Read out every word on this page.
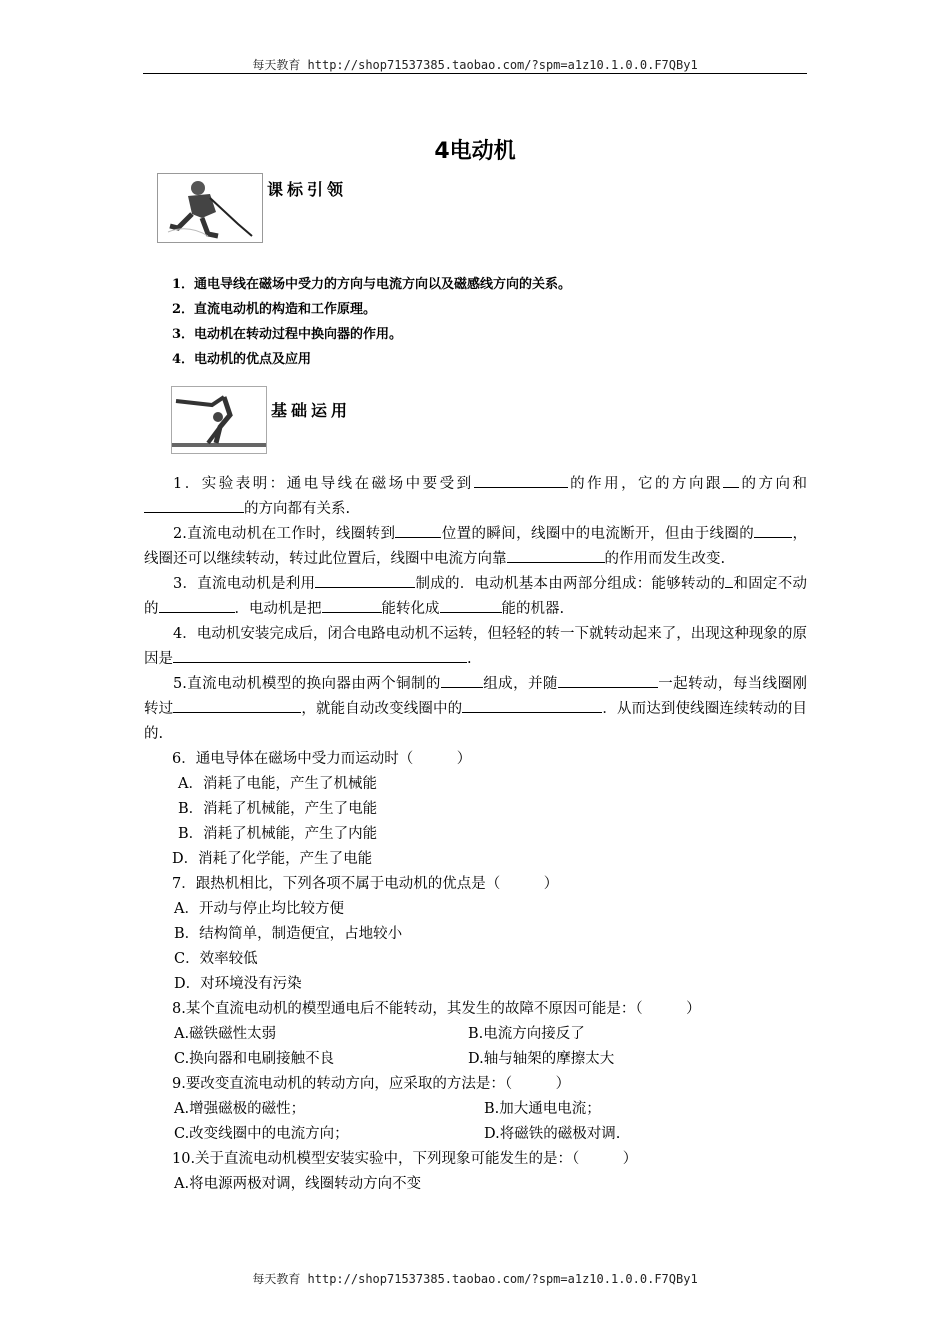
每天教育 http://shop71537385.taobao.com/?spm=a1z10.1.0.0.F7QBy1
4电动机
课标引领
1．通电导线在磁场中受力的方向与电流方向以及磁感线方向的关系。
2．直流电动机的构造和工作原理。
3．电动机在转动过程中换向器的作用。
4．电动机的优点及应用
基础运用

1．实验表明：通电导线在磁场中要受到	的作用，它的方向跟 的方向和的方向都有关系.

2.直流电动机在工作时，线圈转到	位置的瞬间，线圈中的电流断开，但由于线圈的	，线圈还可以继续转动，转过此位置后，线圈中电流方向靠	的作用而发生改变.

3．直流电动机是利用	制成的．电动机基本由两部分组成：能够转动的 和固定不动的	．电动机是把	能转化成	能的机器.

4．电动机安装完成后，闭合电路电动机不运转，但轻轻的转一下就转动起来了，出现这种现象的原因是	.

5.直流电动机模型的换向器由两个铜制的	组成，并随	一起转动，每当线圈刚转过	，就能自动改变线圈中的	．从而达到使线圈连续转动的目的.

6．通电导体在磁场中受力而运动时（　　　）

A．消耗了电能，产生了机械能

B．消耗了机械能，产生了电能

B．消耗了机械能，产生了内能

D．消耗了化学能，产生了电能

7．跟热机相比，下列各项不属于电动机的优点是（　　　）

A．开动与停止均比较方便

B．结构简单，制造便宜，占地较小

C．效率较低

D．对环境没有污染

8.某个直流电动机的模型通电后不能转动，其发生的故障不原因可能是：（　　　）

A.磁铁磁性太弱	B.电流方向接反了
C.换向器和电刷接触不良	D.轴与轴架的摩擦太大

9.要改变直流电动机的转动方向，应采取的方法是：（　　　）

A.增强磁极的磁性；	B.加大通电电流；
C.改变线圈中的电流方向；	D.将磁铁的磁极对调.

10.关于直流电动机模型安装实验中，下列现象可能发生的是：（　　　）

A.将电源两极对调，线圈转动方向不变

每天教育 http://shop71537385.taobao.com/?spm=a1z10.1.0.0.F7QBy1
